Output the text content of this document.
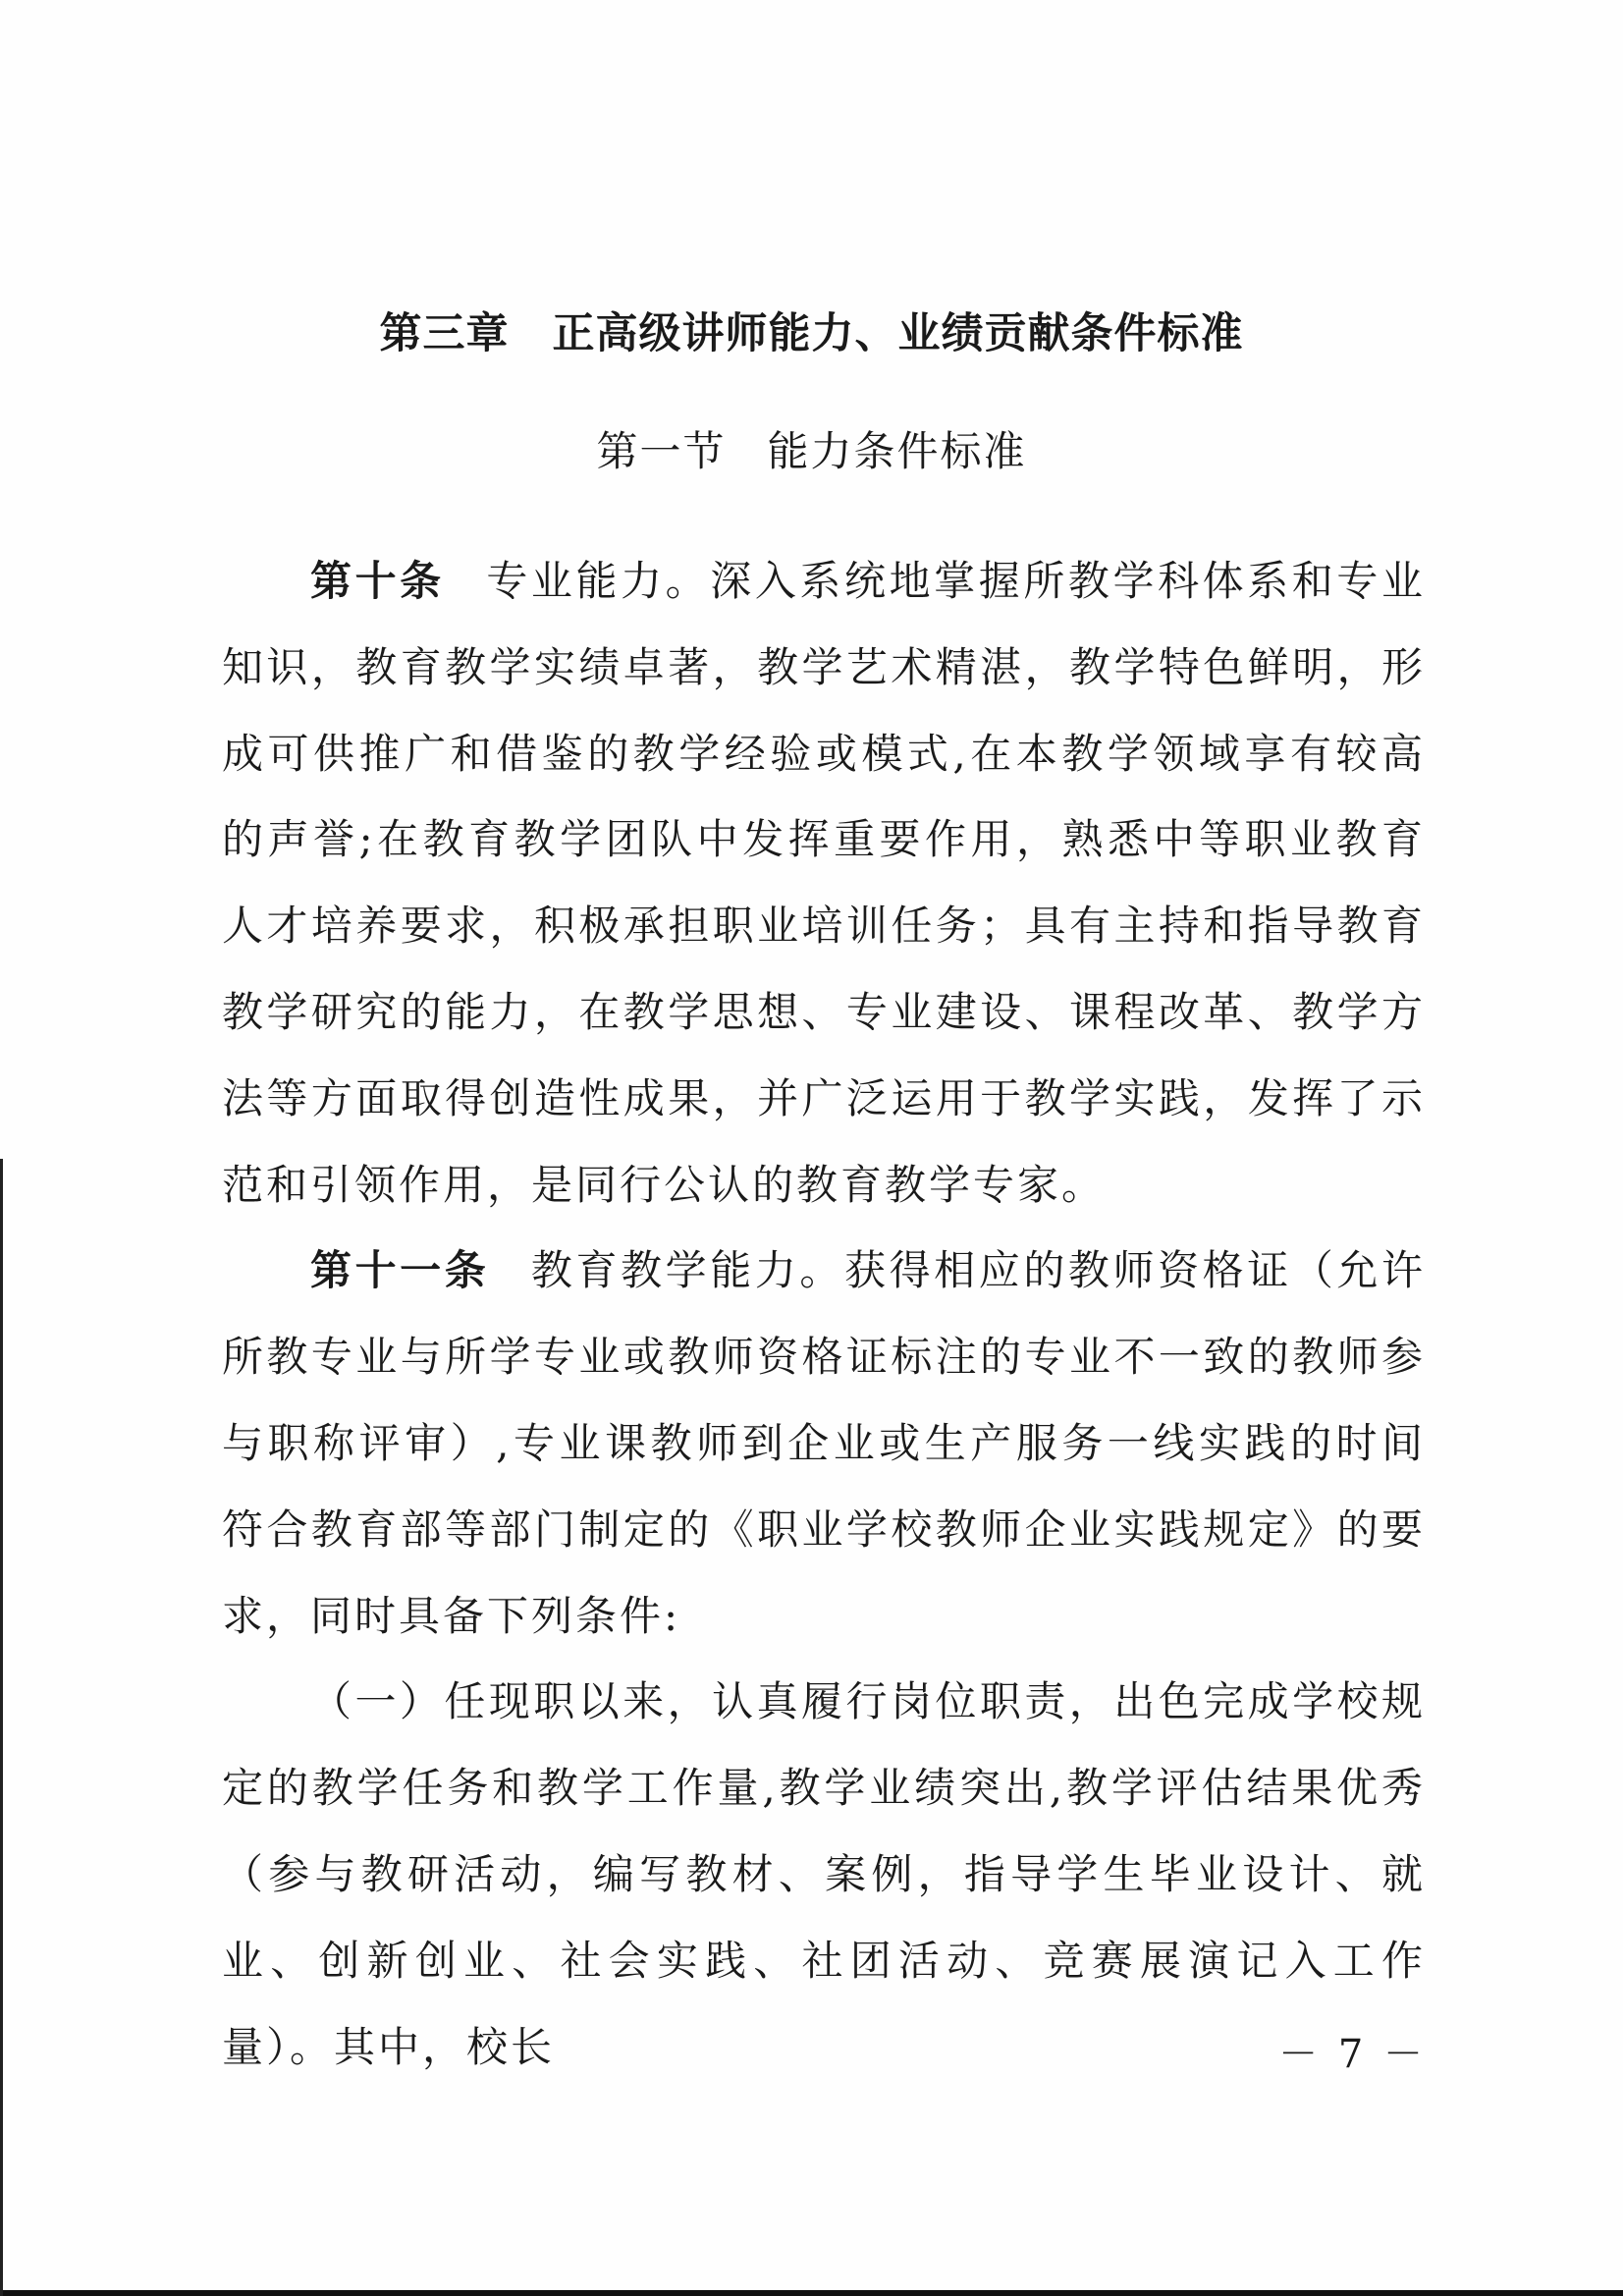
第三章　正高级讲师能力、业绩贡献条件标准
第一节 能力条件标准

第十条 专业能力。深入系统地掌握所教学科体系和专业知识，教育教学实绩卓著，教学艺术精湛，教学特色鲜明，形成可供推广和借鉴的教学经验或模式,在本教学领域享有较高的声誉;在教育教学团队中发挥重要作用，熟悉中等职业教育人才培养要求，积极承担职业培训任务；具有主持和指导教育教学研究的能力，在教学思想、专业建设、课程改革、教学方法等方面取得创造性成果，并广泛运用于教学实践，发挥了示范和引领作用，是同行公认的教育教学专家。

第十一条 教育教学能力。获得相应的教师资格证（允许所教专业与所学专业或教师资格证标注的专业不一致的教师参与职称评审）,专业课教师到企业或生产服务一线实践的时间符合教育部等部门制定的《职业学校教师企业实践规定》的要求，同时具备下列条件:

（一）任现职以来，认真履行岗位职责，出色完成学校规定的教学任务和教学工作量,教学业绩突出,教学评估结果优秀（参与教研活动，编写教材、案例，指导学生毕业设计、就业、创新创业、社会实践、社团活动、竞赛展演记入工作量）。其中，校长	－ 7 －
